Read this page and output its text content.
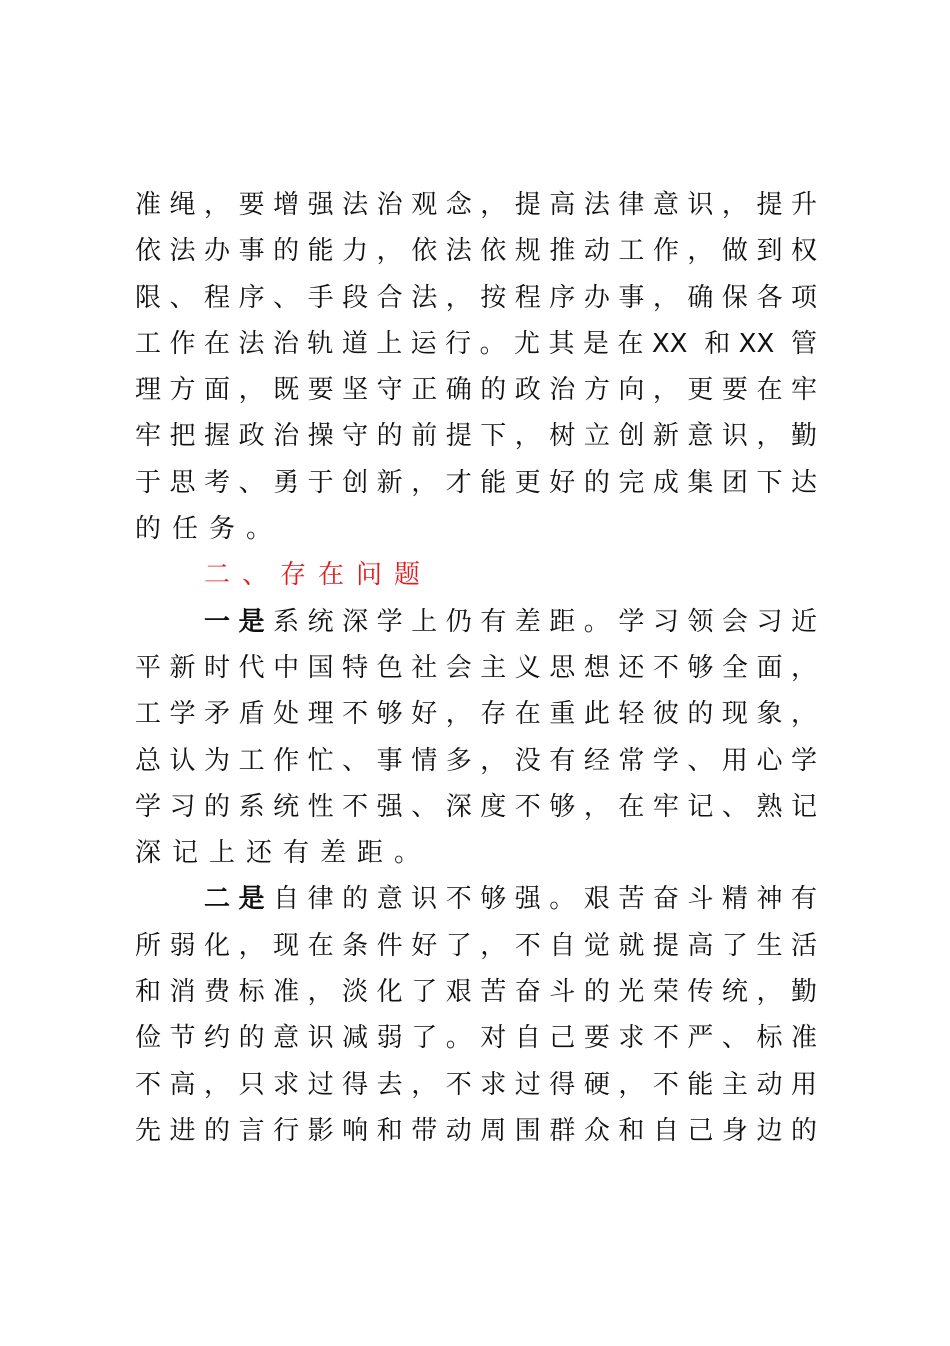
准绳，要增强法治观念，提高法律意识，提升
依法办事的能力，依法依规推动工作，做到权
限、程序、手段合法，按程序办事，确保各项
工作在法治轨道上运行。尤其是在XX 和XX 管
理方面，既要坚守正确的政治方向，更要在牢
牢把握政治操守的前提下，树立创新意识，勤
于思考、勇于创新，才能更好的完成集团下达
的任务。
二、存在问题
一是系统深学上仍有差距。学习领会习近
平新时代中国特色社会主义思想还不够全面，
工学矛盾处理不够好，存在重此轻彼的现象，
总认为工作忙、事情多，没有经常学、用心学
学习的系统性不强、深度不够，在牢记、熟记
深记上还有差距。
二是自律的意识不够强。艰苦奋斗精神有
所弱化，现在条件好了，不自觉就提高了生活
和消费标准，淡化了艰苦奋斗的光荣传统，勤
俭节约的意识减弱了。对自己要求不严、标准
不高，只求过得去，不求过得硬，不能主动用
先进的言行影响和带动周围群众和自己身边的
